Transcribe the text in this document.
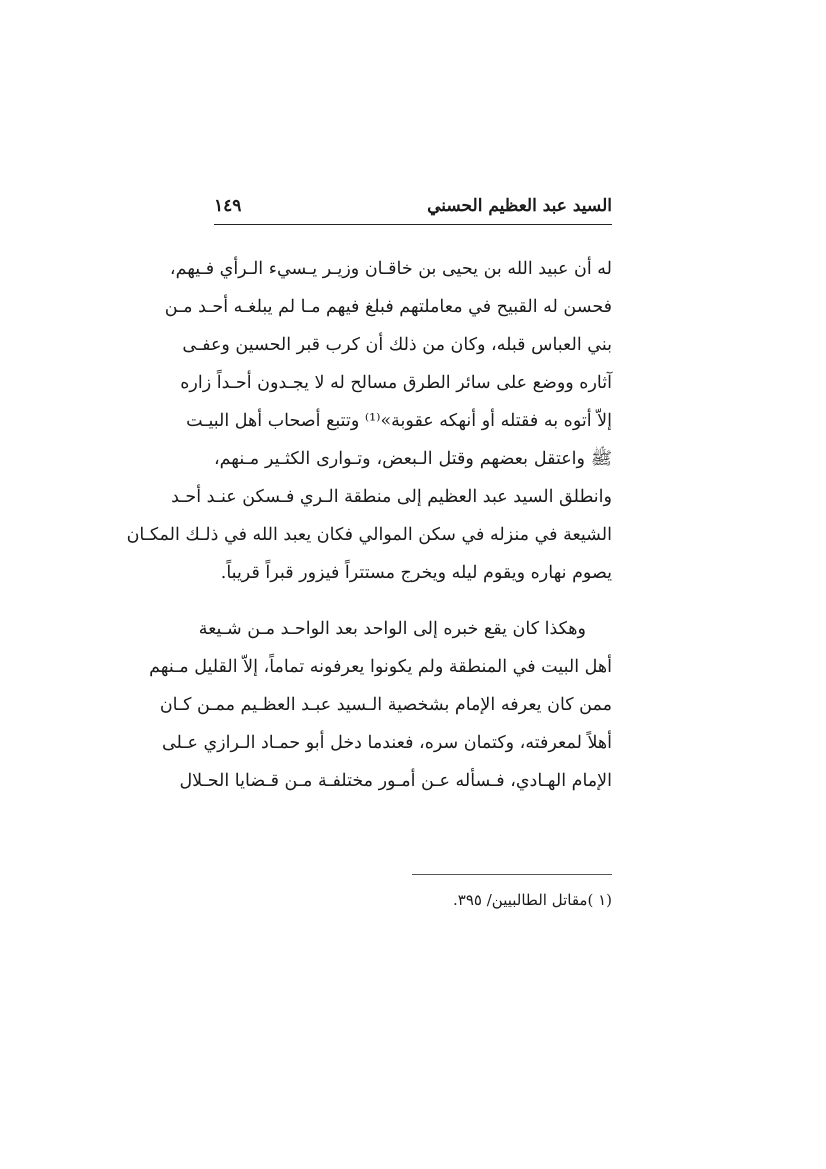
السيد عبد العظيم الحسني
١٤٩
له أن عبيد الله بن يحيى بن خاقـان وزيـر يـسيء الـرأي فـيهم،
فحسن له القبيح في معاملتهم فبلغ فيهم مـا لم يبلغـه أحـد مـن
بني العباس قبله، وكان من ذلك أن كرب قبر الحسين وعفـى
آثاره ووضع على سائر الطرق مسالح له لا يجـدون أحـداً زاره
إلاّ أتوه به فقتله أو أنهكه عقوبة»⁽¹⁾ وتتبع أصحاب أهل البيـت
ﷺ واعتقل بعضهم وقتل الـبعض، وتـوارى الكثـير مـنهم،
وانطلق السيد عبد العظيم إلى منطقة الـري فـسكن عنـد أحـد
الشيعة في منزله في سكن الموالي فكان يعبد الله في ذلـك المكـان
يصوم نهاره ويقوم ليله ويخرج مستتراً فيزور قبراً قريباً.
وهكذا كان يقع خبره إلى الواحد بعد الواحـد مـن شـيعة
أهل البيت في المنطقة ولم يكونوا يعرفونه تماماً، إلاّ القليل مـنهم
ممن كان يعرفه الإمام بشخصية الـسيد عبـد العظـيم ممـن كـان
أهلاً لمعرفته، وكتمان سره، فعندما دخل أبو حمـاد الـرازي عـلى
الإمام الهـادي، فـسأله عـن أمـور مختلفـة مـن قـضايا الحـلال
(١ )مقاتل الطالبيين/ ٣٩٥.
